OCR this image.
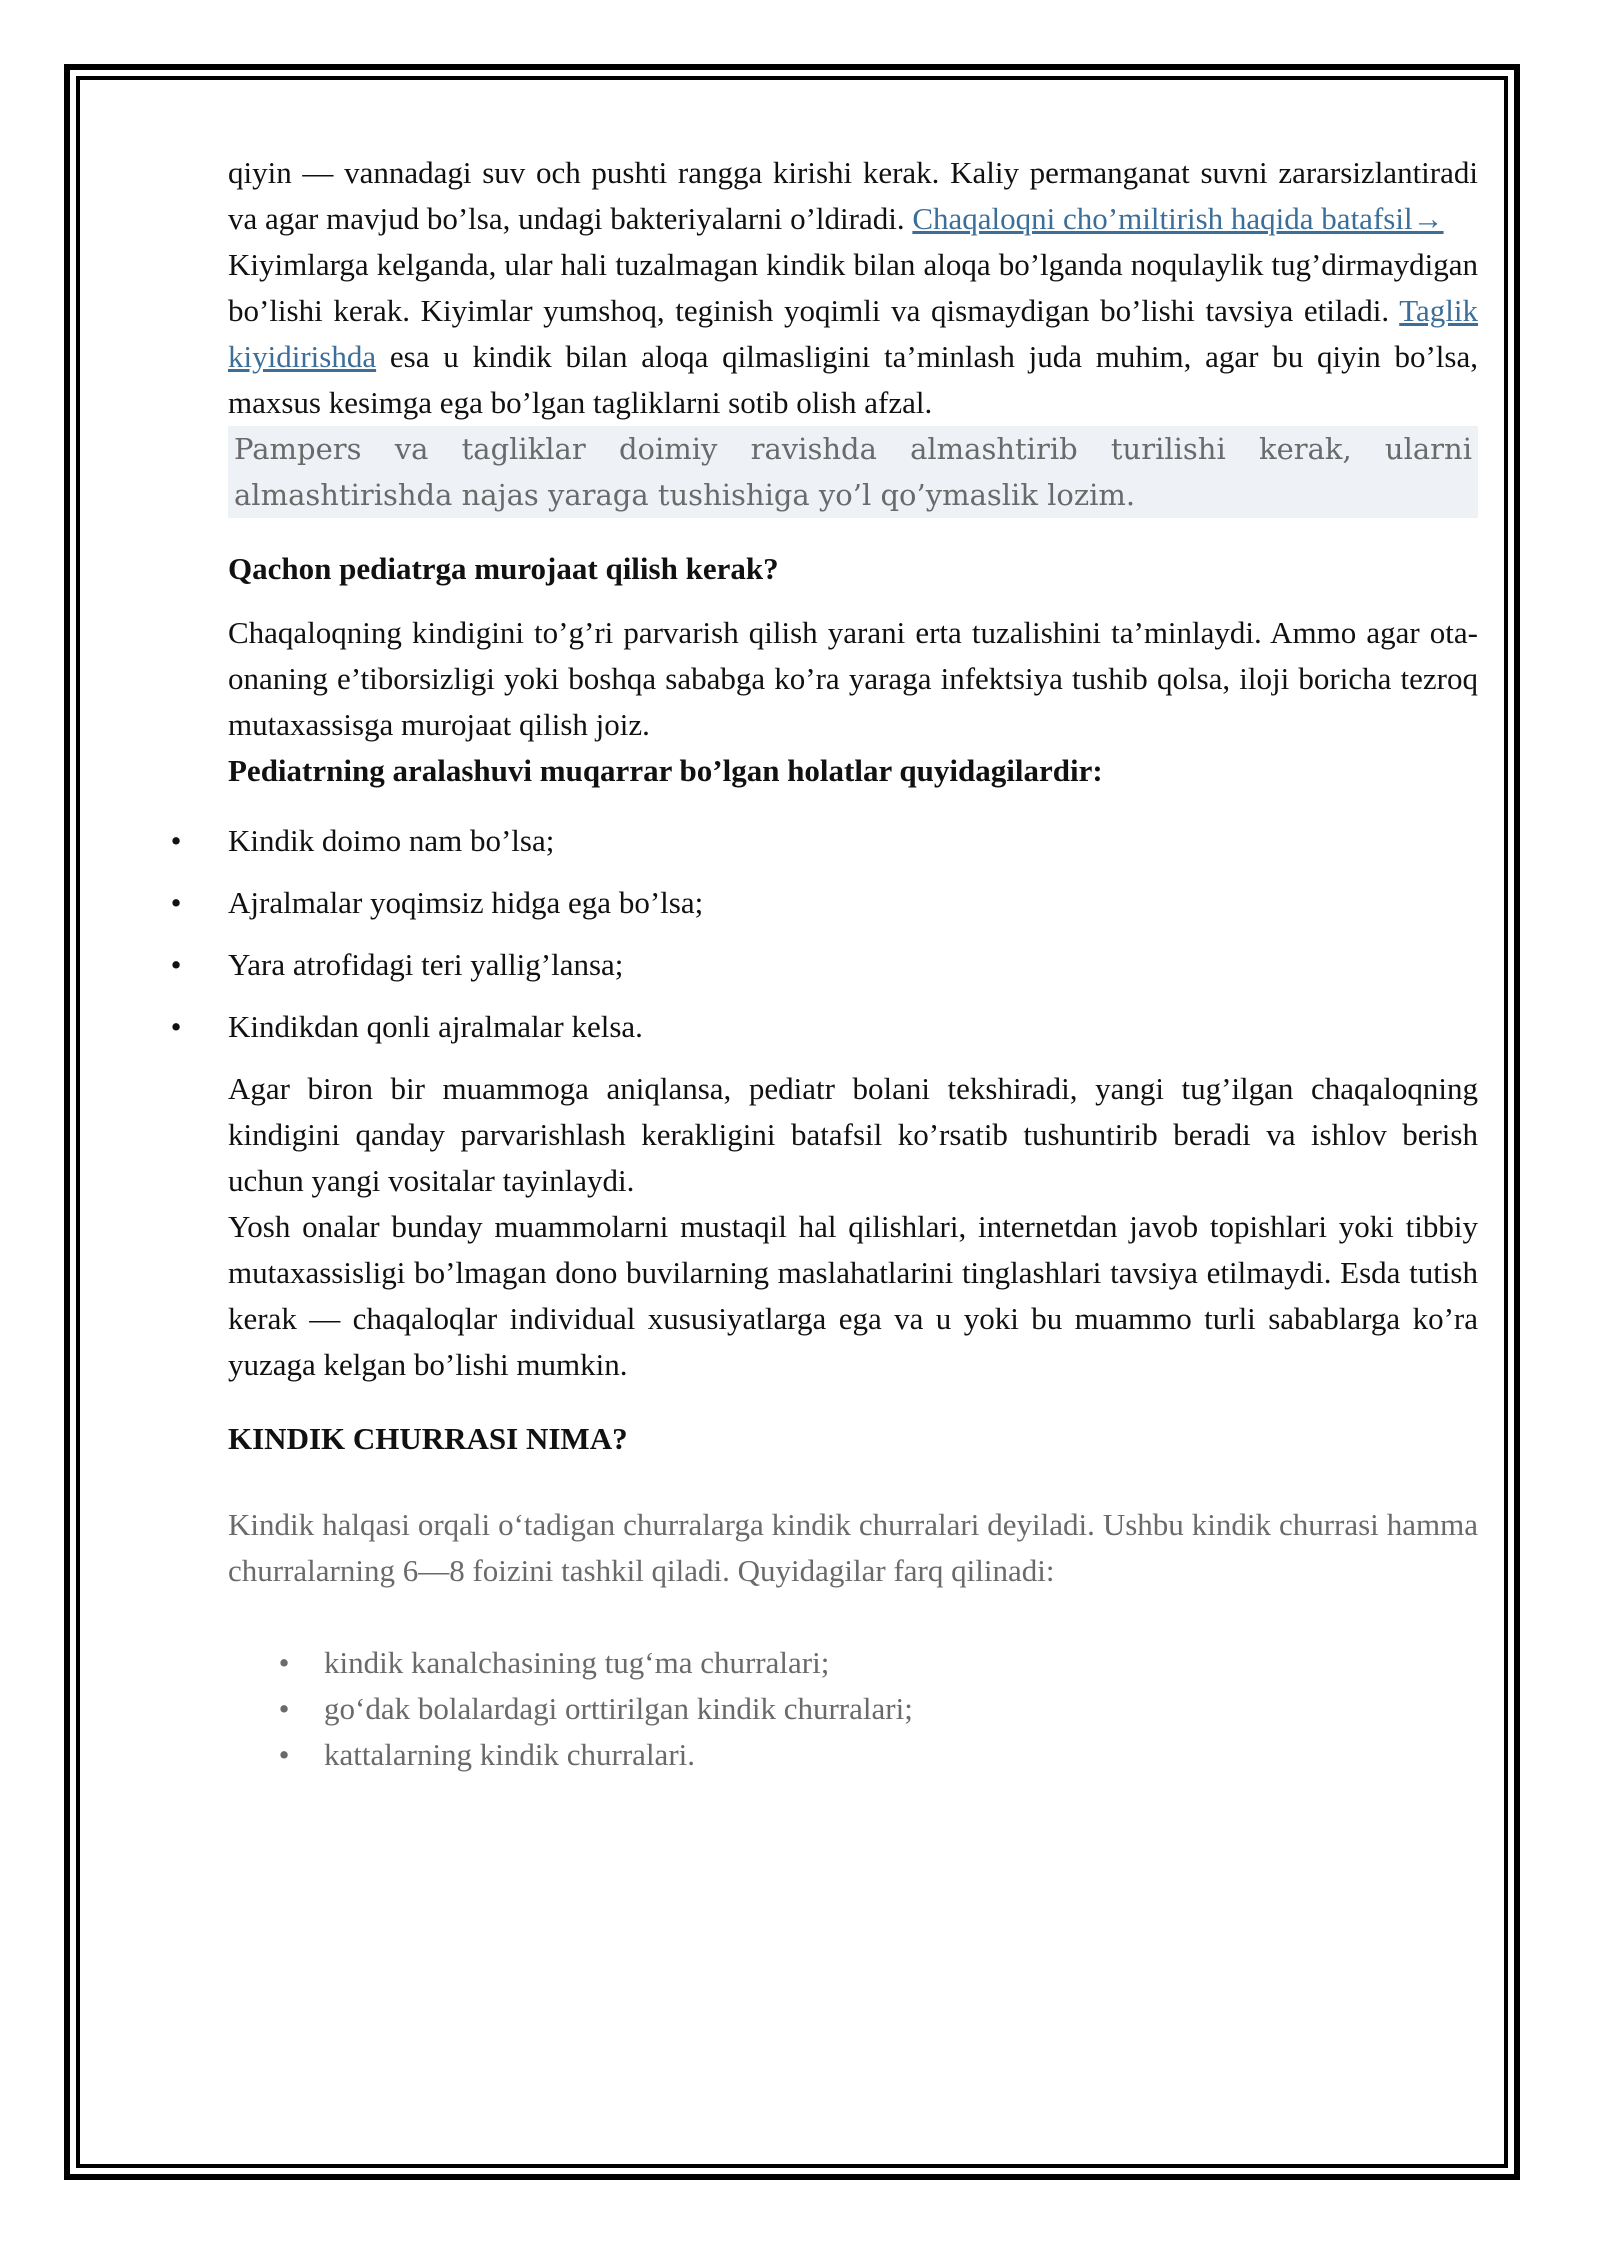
qiyin — vannadagi suv och pushti rangga kirishi kerak. Kaliy permanganat suvni zararsizlantiradi va agar mavjud bo’lsa, undagi bakteriyalarni o’ldiradi. Chaqaloqni cho’miltirish haqida batafsil→

Kiyimlarga kelganda, ular hali tuzalmagan kindik bilan aloqa bo’lganda noqulaylik tug’dirmaydigan bo’lishi kerak. Kiyimlar yumshoq, teginish yoqimli va qismaydigan bo’lishi tavsiya etiladi. Taglik kiyidirishda esa u kindik bilan aloqa qilmasligini ta’minlash juda muhim, agar bu qiyin bo’lsa, maxsus kesimga ega bo’lgan tagliklarni sotib olish afzal.

Pampers va tagliklar doimiy ravishda almashtirib turilishi kerak, ularni almashtirishda najas yaraga tushishiga yo’l qo’ymaslik lozim.

Qachon pediatrga murojaat qilish kerak?

Chaqaloqning kindigini to’g’ri parvarish qilish yarani erta tuzalishini ta’minlaydi. Ammo agar ota-onaning e’tiborsizligi yoki boshqa sababga ko’ra yaraga infektsiya tushib qolsa, iloji boricha tezroq mutaxassisga murojaat qilish joiz.

Pediatrning aralashuvi muqarrar bo’lgan holatlar quyidagilardir:

• Kindik doimo nam bo’lsa;
• Ajralmalar yoqimsiz hidga ega bo’lsa;
• Yara atrofidagi teri yallig’lansa;
• Kindikdan qonli ajralmalar kelsa.

Agar biron bir muammoga aniqlansa, pediatr bolani tekshiradi, yangi tug’ilgan chaqaloqning kindigini qanday parvarishlash kerakligini batafsil ko’rsatib tushuntirib beradi va ishlov berish uchun yangi vositalar tayinlaydi.

Yosh onalar bunday muammolarni mustaqil hal qilishlari, internetdan javob topishlari yoki tibbiy mutaxassisligi bo’lmagan dono buvilarning maslahatlarini tinglashlari tavsiya etilmaydi. Esda tutish kerak — chaqaloqlar individual xususiyatlarga ega va u yoki bu muammo turli sabablarga ko’ra yuzaga kelgan bo’lishi mumkin.

KINDIK CHURRASI NIMA?

Kindik halqasi orqali o‘tadigan churralarga kindik churralari deyiladi. Ushbu kindik churrasi hamma churralarning 6—8 foizini tashkil qiladi. Quyidagilar farq qilinadi:

• kindik kanalchasining tug‘ma churralari;
• go‘dak bolalardagi orttirilgan kindik churralari;
• kattalarning kindik churralari.
